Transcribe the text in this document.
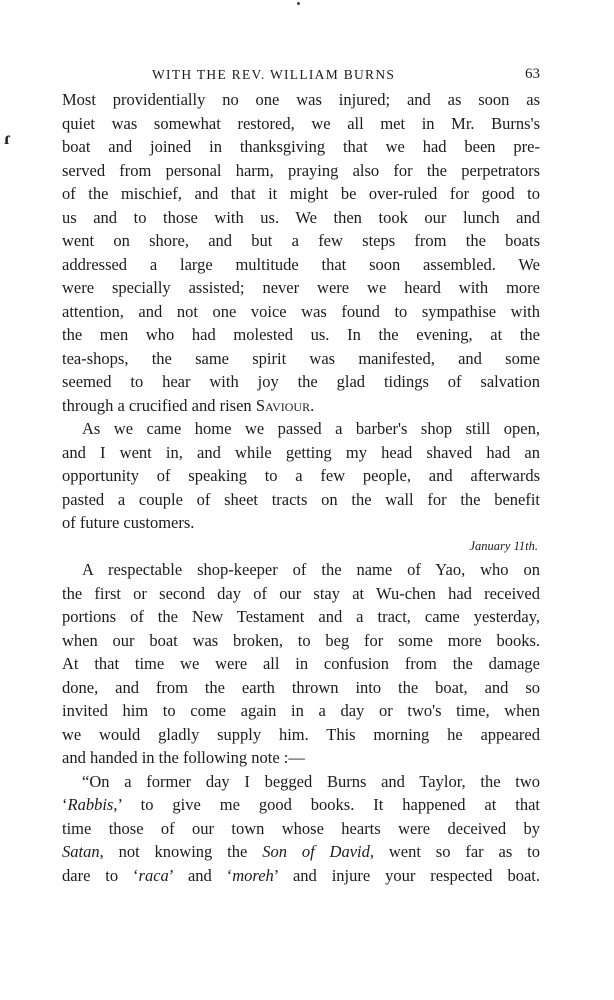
ɾ
WITH THE REV. WILLIAM BURNS	63
Most providentially no one was injured; and as soon as
quiet was somewhat restored, we all met in Mr. Burns's
boat and joined in thanksgiving that we had been pre-
served from personal harm, praying also for the perpetrators
of the mischief, and that it might be over-ruled for good to
us and to those with us. We then took our lunch and
went on shore, and but a few steps from the boats
addressed a large multitude that soon assembled. We
were specially assisted; never were we heard with more
attention, and not one voice was found to sympathise with
the men who had molested us. In the evening, at the
tea-shops, the same spirit was manifested, and some
seemed to hear with joy the glad tidings of salvation
through a crucified and risen Saviour.
As we came home we passed a barber's shop still open,
and I went in, and while getting my head shaved had an
opportunity of speaking to a few people, and afterwards
pasted a couple of sheet tracts on the wall for the benefit
of future customers.
January 11th.
A respectable shop-keeper of the name of Yao, who on
the first or second day of our stay at Wu-chen had received
portions of the New Testament and a tract, came yesterday,
when our boat was broken, to beg for some more books.
At that time we were all in confusion from the damage
done, and from the earth thrown into the boat, and so
invited him to come again in a day or two's time, when
we would gladly supply him. This morning he appeared
and handed in the following note :—
“On a former day I begged Burns and Taylor, the two
‘Rabbis,’ to give me good books. It happened at that
time those of our town whose hearts were deceived by
Satan, not knowing the Son of David, went so far as to
dare to ‘raca’ and ‘moreh’ and injure your respected boat.
